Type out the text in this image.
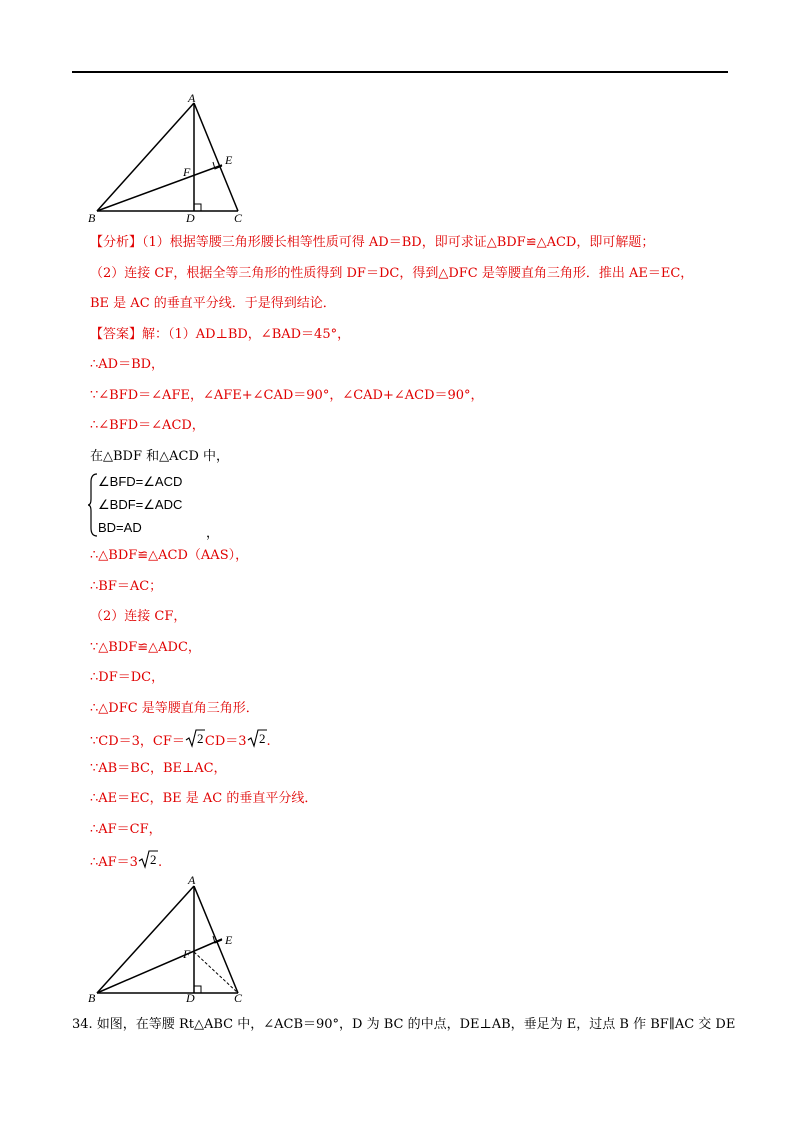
A
E
F
B	D	C
【分析】（1）根据等腰三角形腰长相等性质可得 AD＝BD，即可求证△BDF≌△ACD，即可解题；
（2）连接 CF，根据全等三角形的性质得到 DF＝DC，得到△DFC 是等腰直角三角形．推出 AE＝EC，
BE 是 AC 的垂直平分线．于是得到结论．
【答案】解：（1）AD⊥BD，∠BAD＝45°，
∴AD＝BD，
∵∠BFD＝∠AFE，∠AFE+∠CAD＝90°，∠CAD+∠ACD＝90°，
∴∠BFD＝∠ACD，
在△BDF 和△ACD 中，
∠BFD=∠ACD
∠BDF=∠ADC
BD=AD	，
∴△BDF≌△ACD（AAS），
∴BF＝AC；
（2）连接 CF，
∵△BDF≌△ADC，
∴DF＝DC，
∴△DFC 是等腰直角三角形．
∵CD＝3，CF＝ 2 CD＝3 2 .
∵AB＝BC，BE⊥AC，
∴AE＝EC，BE 是 AC 的垂直平分线．
∴AF＝CF，
∴AF＝3 2 .
A
E
F
B	D	C
34. 如图，在等腰 Rt△ABC 中，∠ACB＝90°，D 为 BC 的中点，DE⊥AB，垂足为 E，过点 B 作 BF∥AC 交 DE
